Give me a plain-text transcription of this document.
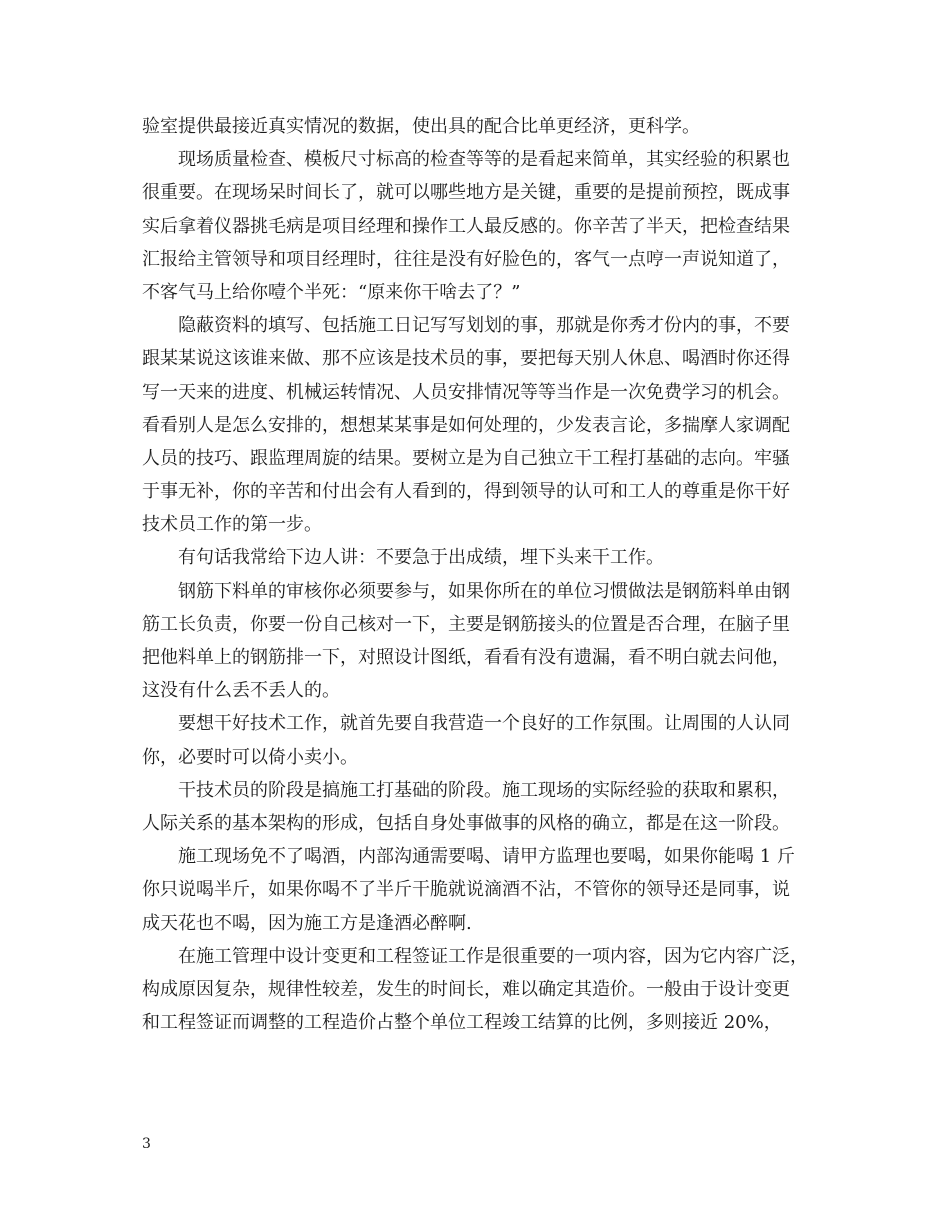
验室提供最接近真实情况的数据，使出具的配合比单更经济，更科学。
现场质量检查、模板尺寸标高的检查等等的是看起来简单，其实经验的积累也
很重要。在现场呆时间长了，就可以哪些地方是关键，重要的是提前预控，既成事
实后拿着仪器挑毛病是项目经理和操作工人最反感的。你辛苦了半天，把检查结果
汇报给主管领导和项目经理时，往往是没有好脸色的，客气一点哼一声说知道了，
不客气马上给你噎个半死：“原来你干啥去了？”
隐蔽资料的填写、包括施工日记写写划划的事，那就是你秀才份内的事，不要
跟某某说这该谁来做、那不应该是技术员的事，要把每天别人休息、喝酒时你还得
写一天来的进度、机械运转情况、人员安排情况等等当作是一次免费学习的机会。
看看别人是怎么安排的，想想某某事是如何处理的，少发表言论，多揣摩人家调配
人员的技巧、跟监理周旋的结果。要树立是为自己独立干工程打基础的志向。牢骚
于事无补，你的辛苦和付出会有人看到的，得到领导的认可和工人的尊重是你干好
技术员工作的第一步。
有句话我常给下边人讲：不要急于出成绩，埋下头来干工作。
钢筋下料单的审核你必须要参与，如果你所在的单位习惯做法是钢筋料单由钢
筋工长负责，你要一份自己核对一下，主要是钢筋接头的位置是否合理，在脑子里
把他料单上的钢筋排一下，对照设计图纸，看看有没有遗漏，看不明白就去问他，
这没有什么丢不丢人的。
要想干好技术工作，就首先要自我营造一个良好的工作氛围。让周围的人认同
你，必要时可以倚小卖小。
干技术员的阶段是搞施工打基础的阶段。施工现场的实际经验的获取和累积，
人际关系的基本架构的形成，包括自身处事做事的风格的确立，都是在这一阶段。
施工现场免不了喝酒，内部沟通需要喝、请甲方监理也要喝，如果你能喝 1 斤
你只说喝半斤，如果你喝不了半斤干脆就说滴酒不沾，不管你的领导还是同事，说
成天花也不喝，因为施工方是逢酒必醉啊.
在施工管理中设计变更和工程签证工作是很重要的一项内容，因为它内容广泛，
构成原因复杂，规律性较差，发生的时间长，难以确定其造价。一般由于设计变更
和工程签证而调整的工程造价占整个单位工程竣工结算的比例，多则接近 20%，
3
